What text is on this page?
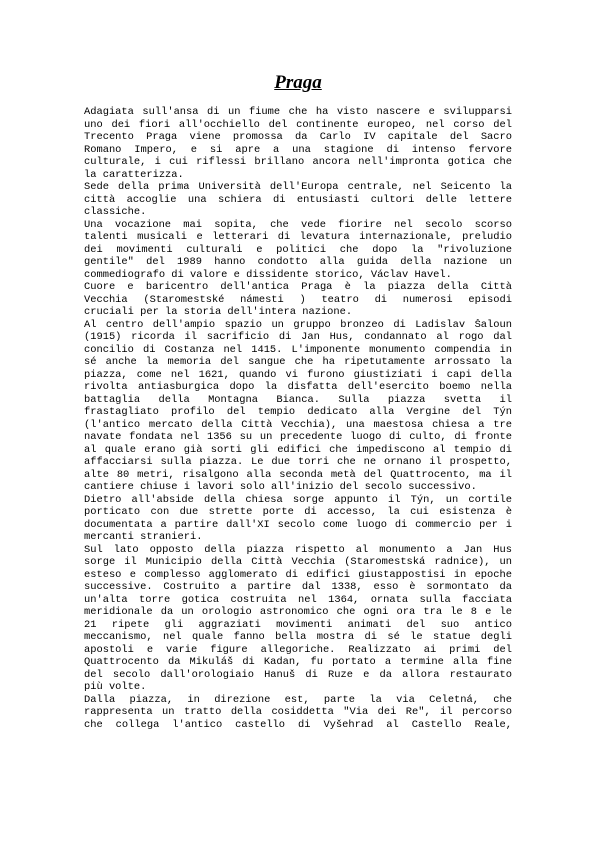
Praga
Adagiata sull'ansa di un fiume che ha visto nascere e svilupparsi
uno dei fiori all'occhiello del continente europeo, nel corso del
Trecento Praga viene promossa da Carlo IV capitale del Sacro
Romano Impero, e si apre a una stagione di intenso fervore
culturale, i cui riflessi brillano ancora nell'impronta gotica che
la caratterizza.
Sede della prima Università dell'Europa centrale, nel Seicento la
città accoglie una schiera di entusiasti cultori delle lettere
classiche.
Una vocazione mai sopita, che vede fiorire nel secolo scorso
talenti musicali e letterari di levatura internazionale, preludio
dei movimenti culturali e politici che dopo la "rivoluzione
gentile" del 1989 hanno condotto alla guida della nazione un
commediografo di valore e dissidente storico, Václav Havel.
Cuore e baricentro dell'antica Praga è la piazza della Città
Vecchia (Staromestské námesti ) teatro di numerosi episodi
cruciali per la storia dell'intera nazione.
Al centro dell'ampio spazio un gruppo bronzeo di Ladislav Šaloun
(1915) ricorda il sacrificio di Jan Hus, condannato al rogo dal
concilio di Costanza nel 1415. L'imponente monumento compendia in
sé anche la memoria del sangue che ha ripetutamente arrossato la
piazza, come nel 1621, quando vi furono giustiziati i capi della
rivolta antiasburgica dopo la disfatta dell'esercito boemo nella
battaglia della Montagna Bianca. Sulla piazza svetta il
frastagliato profilo del tempio dedicato alla Vergine del Týn
(l'antico mercato della Città Vecchia), una maestosa chiesa a tre
navate fondata nel 1356 su un precedente luogo di culto, di fronte
al quale erano già sorti gli edifici che impediscono al tempio di
affacciarsi sulla piazza. Le due torri che ne ornano il prospetto,
alte 80 metri, risalgono alla seconda metà del Quattrocento, ma il
cantiere chiuse i lavori solo all'inizio del secolo successivo.
Dietro all'abside della chiesa sorge appunto il Týn, un cortile
porticato con due strette porte di accesso, la cui esistenza è
documentata a partire dall'XI secolo come luogo di commercio per i
mercanti stranieri.
Sul lato opposto della piazza rispetto al monumento a Jan Hus
sorge il Municipio della Città Vecchia (Staromestská radnice), un
esteso e complesso agglomerato di edifici giustappostisi in epoche
successive. Costruito a partire dal 1338, esso è sormontato da
un'alta torre gotica costruita nel 1364, ornata sulla facciata
meridionale da un orologio astronomico che ogni ora tra le 8 e le
21 ripete gli aggraziati movimenti animati del suo antico
meccanismo, nel quale fanno bella mostra di sé le statue degli
apostoli e varie figure allegoriche. Realizzato ai primi del
Quattrocento da Mikuláš di Kadan, fu portato a termine alla fine
del secolo dall'orologiaio Hanuš di Ruze e da allora restaurato
più volte.
Dalla piazza, in direzione est, parte la via Celetná, che
rappresenta un tratto della cosiddetta "Via dei Re", il percorso
che collega l'antico castello di Vyšehrad al Castello Reale,
